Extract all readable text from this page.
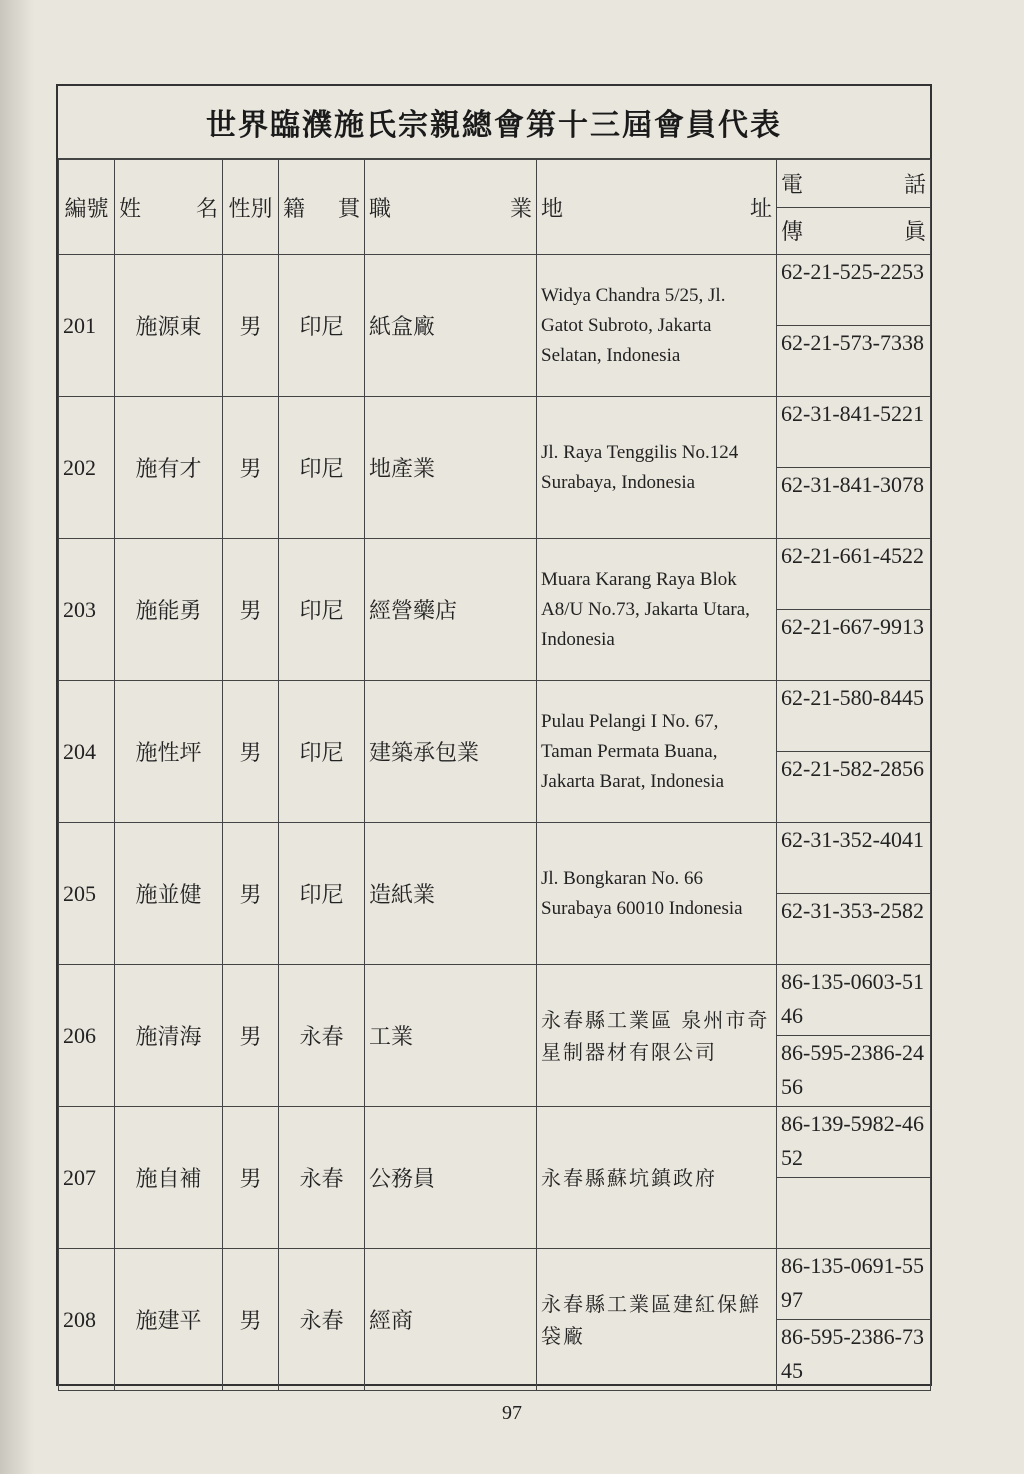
世界臨濮施氏宗親總會第十三屆會員代表
編號	姓 名	性別	籍 貫	職 業	地 址	電 話

						傳 眞

201	施源東	男	印尼	紙盒廠	Widya Chandra 5/25, Jl. Gatot Subroto, Jakarta Selatan, Indonesia	62-21-525-2253
						62-21-573-7338
202	施有才	男	印尼	地產業	Jl. Raya Tenggilis No.124 Surabaya, Indonesia	62-31-841-5221
						62-31-841-3078
203	施能勇	男	印尼	經營藥店	Muara Karang Raya Blok A8/U No.73, Jakarta Utara, Indonesia	62-21-661-4522
						62-21-667-9913
204	施性坪	男	印尼	建築承包業	Pulau Pelangi I No. 67, Taman Permata Buana, Jakarta Barat, Indonesia	62-21-580-8445
						62-21-582-2856
205	施並健	男	印尼	造紙業	Jl. Bongkaran No. 66 Surabaya 60010 Indonesia	62-31-352-4041
						62-31-353-2582
206	施清海	男	永春	工業	永春縣工業區 泉州市奇星制器材有限公司	86-135-0603-5146
						86-595-2386-2456
207	施自補	男	永春	公務員	永春縣蘇坑鎮政府	86-139-5982-4652

208	施建平	男	永春	經商	永春縣工業區建紅保鮮袋廠	86-135-0691-5597
						86-595-2386-7345
97
